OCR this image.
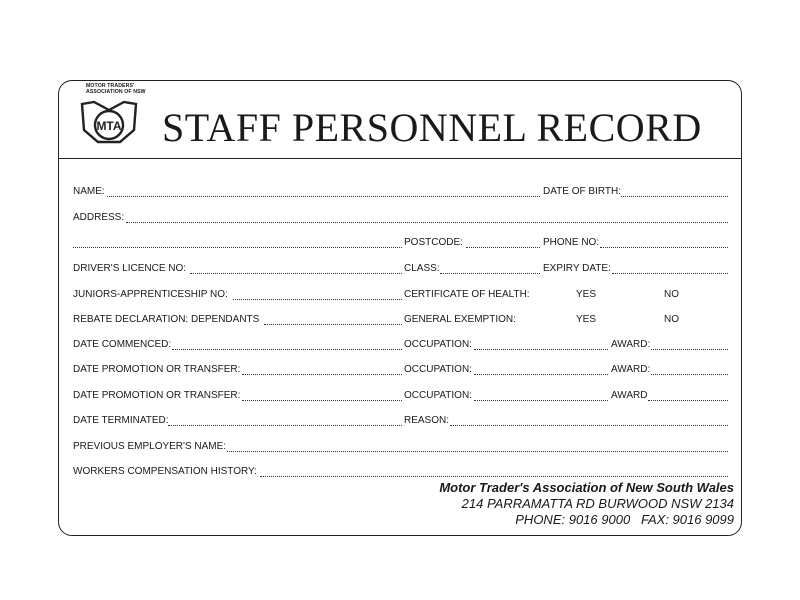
MOTOR TRADERS'
ASSOCIATION OF NSW
MTA STAFF PERSONNEL RECORD
NAME:	DATE OF BIRTH:
ADDRESS:
POSTCODE:	PHONE NO:
DRIVER'S LICENCE NO:	CLASS:	EXPIRY DATE:
JUNIORS-APPRENTICESHIP NO:	CERTIFICATE OF HEALTH:	YES	NO
REBATE DECLARATION: DEPENDANTS	GENERAL EXEMPTION:	YES	NO
DATE COMMENCED:	OCCUPATION:	AWARD:
DATE PROMOTION OR TRANSFER:	OCCUPATION:	AWARD:
DATE PROMOTION OR TRANSFER:	OCCUPATION:	AWARD
DATE TERMINATED:	REASON:
PREVIOUS EMPLOYER'S NAME:
WORKERS COMPENSATION HISTORY:
Motor Trader's Association of New South Wales
214 PARRAMATTA RD BURWOOD NSW 2134
PHONE: 9016 9000   FAX: 9016 9099
